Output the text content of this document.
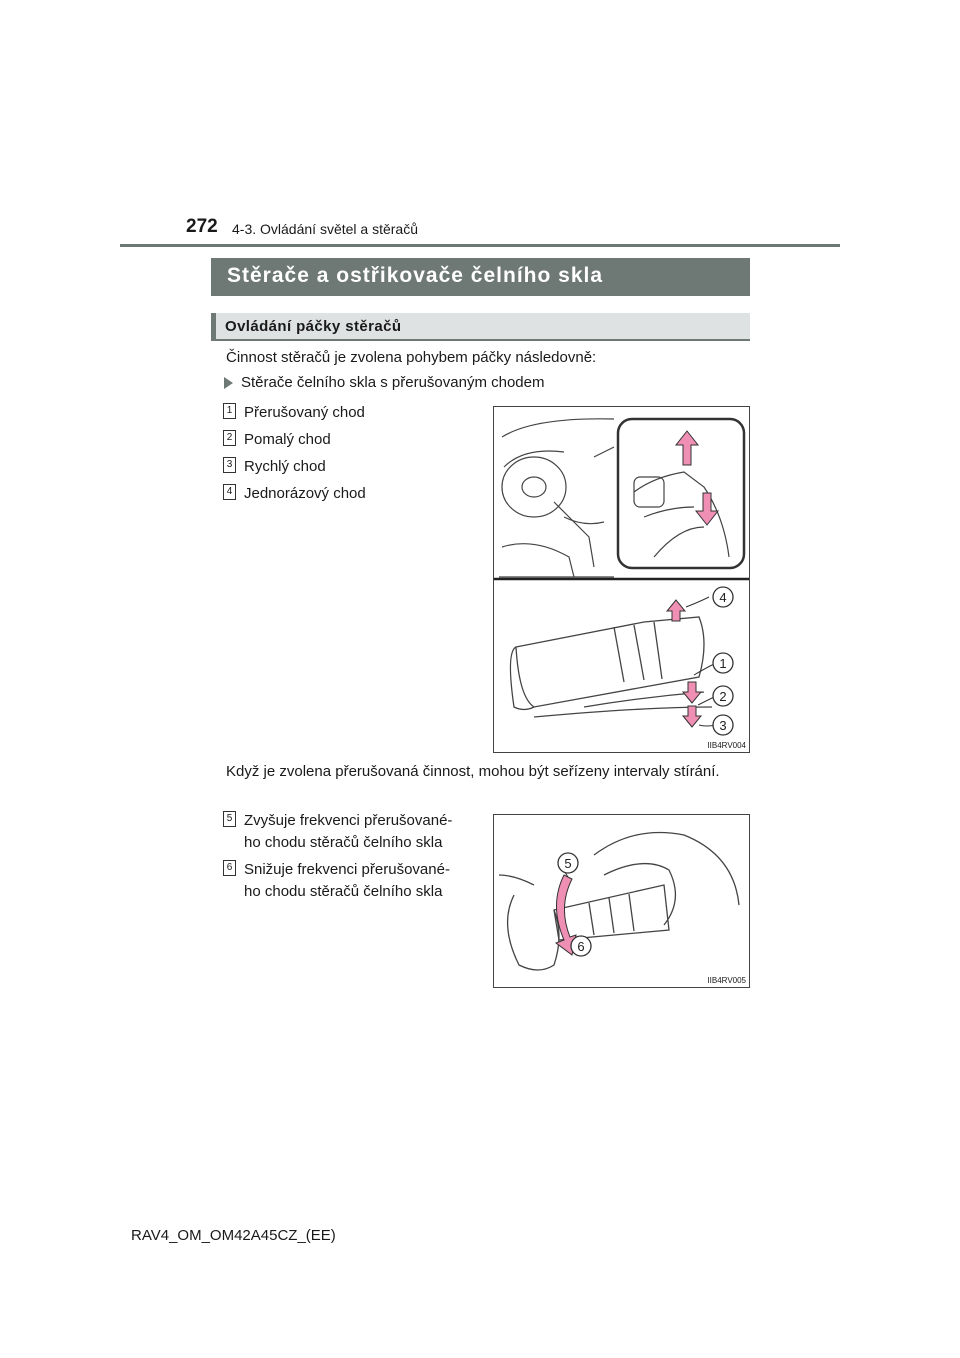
272 4-3. Ovládání světel a stěračů
Stěrače a ostřikovače čelního skla
Ovládání páčky stěračů
Činnost stěračů je zvolena pohybem páčky následovně:
Stěrače čelního skla s přerušovaným chodem
1 Přerušovaný chod
2 Pomalý chod
3 Rychlý chod
4 Jednorázový chod
4
1
2
3
IIB4RV004
Když je zvolena přerušovaná činnost, mohou být seřízeny intervaly stírání.
5 Zvyšuje frekvenci přerušované-
ho chodu stěračů čelního skla
6 Snižuje frekvenci přerušované-
ho chodu stěračů čelního skla
5
6
IIB4RV005
RAV4_OM_OM42A45CZ_(EE)
